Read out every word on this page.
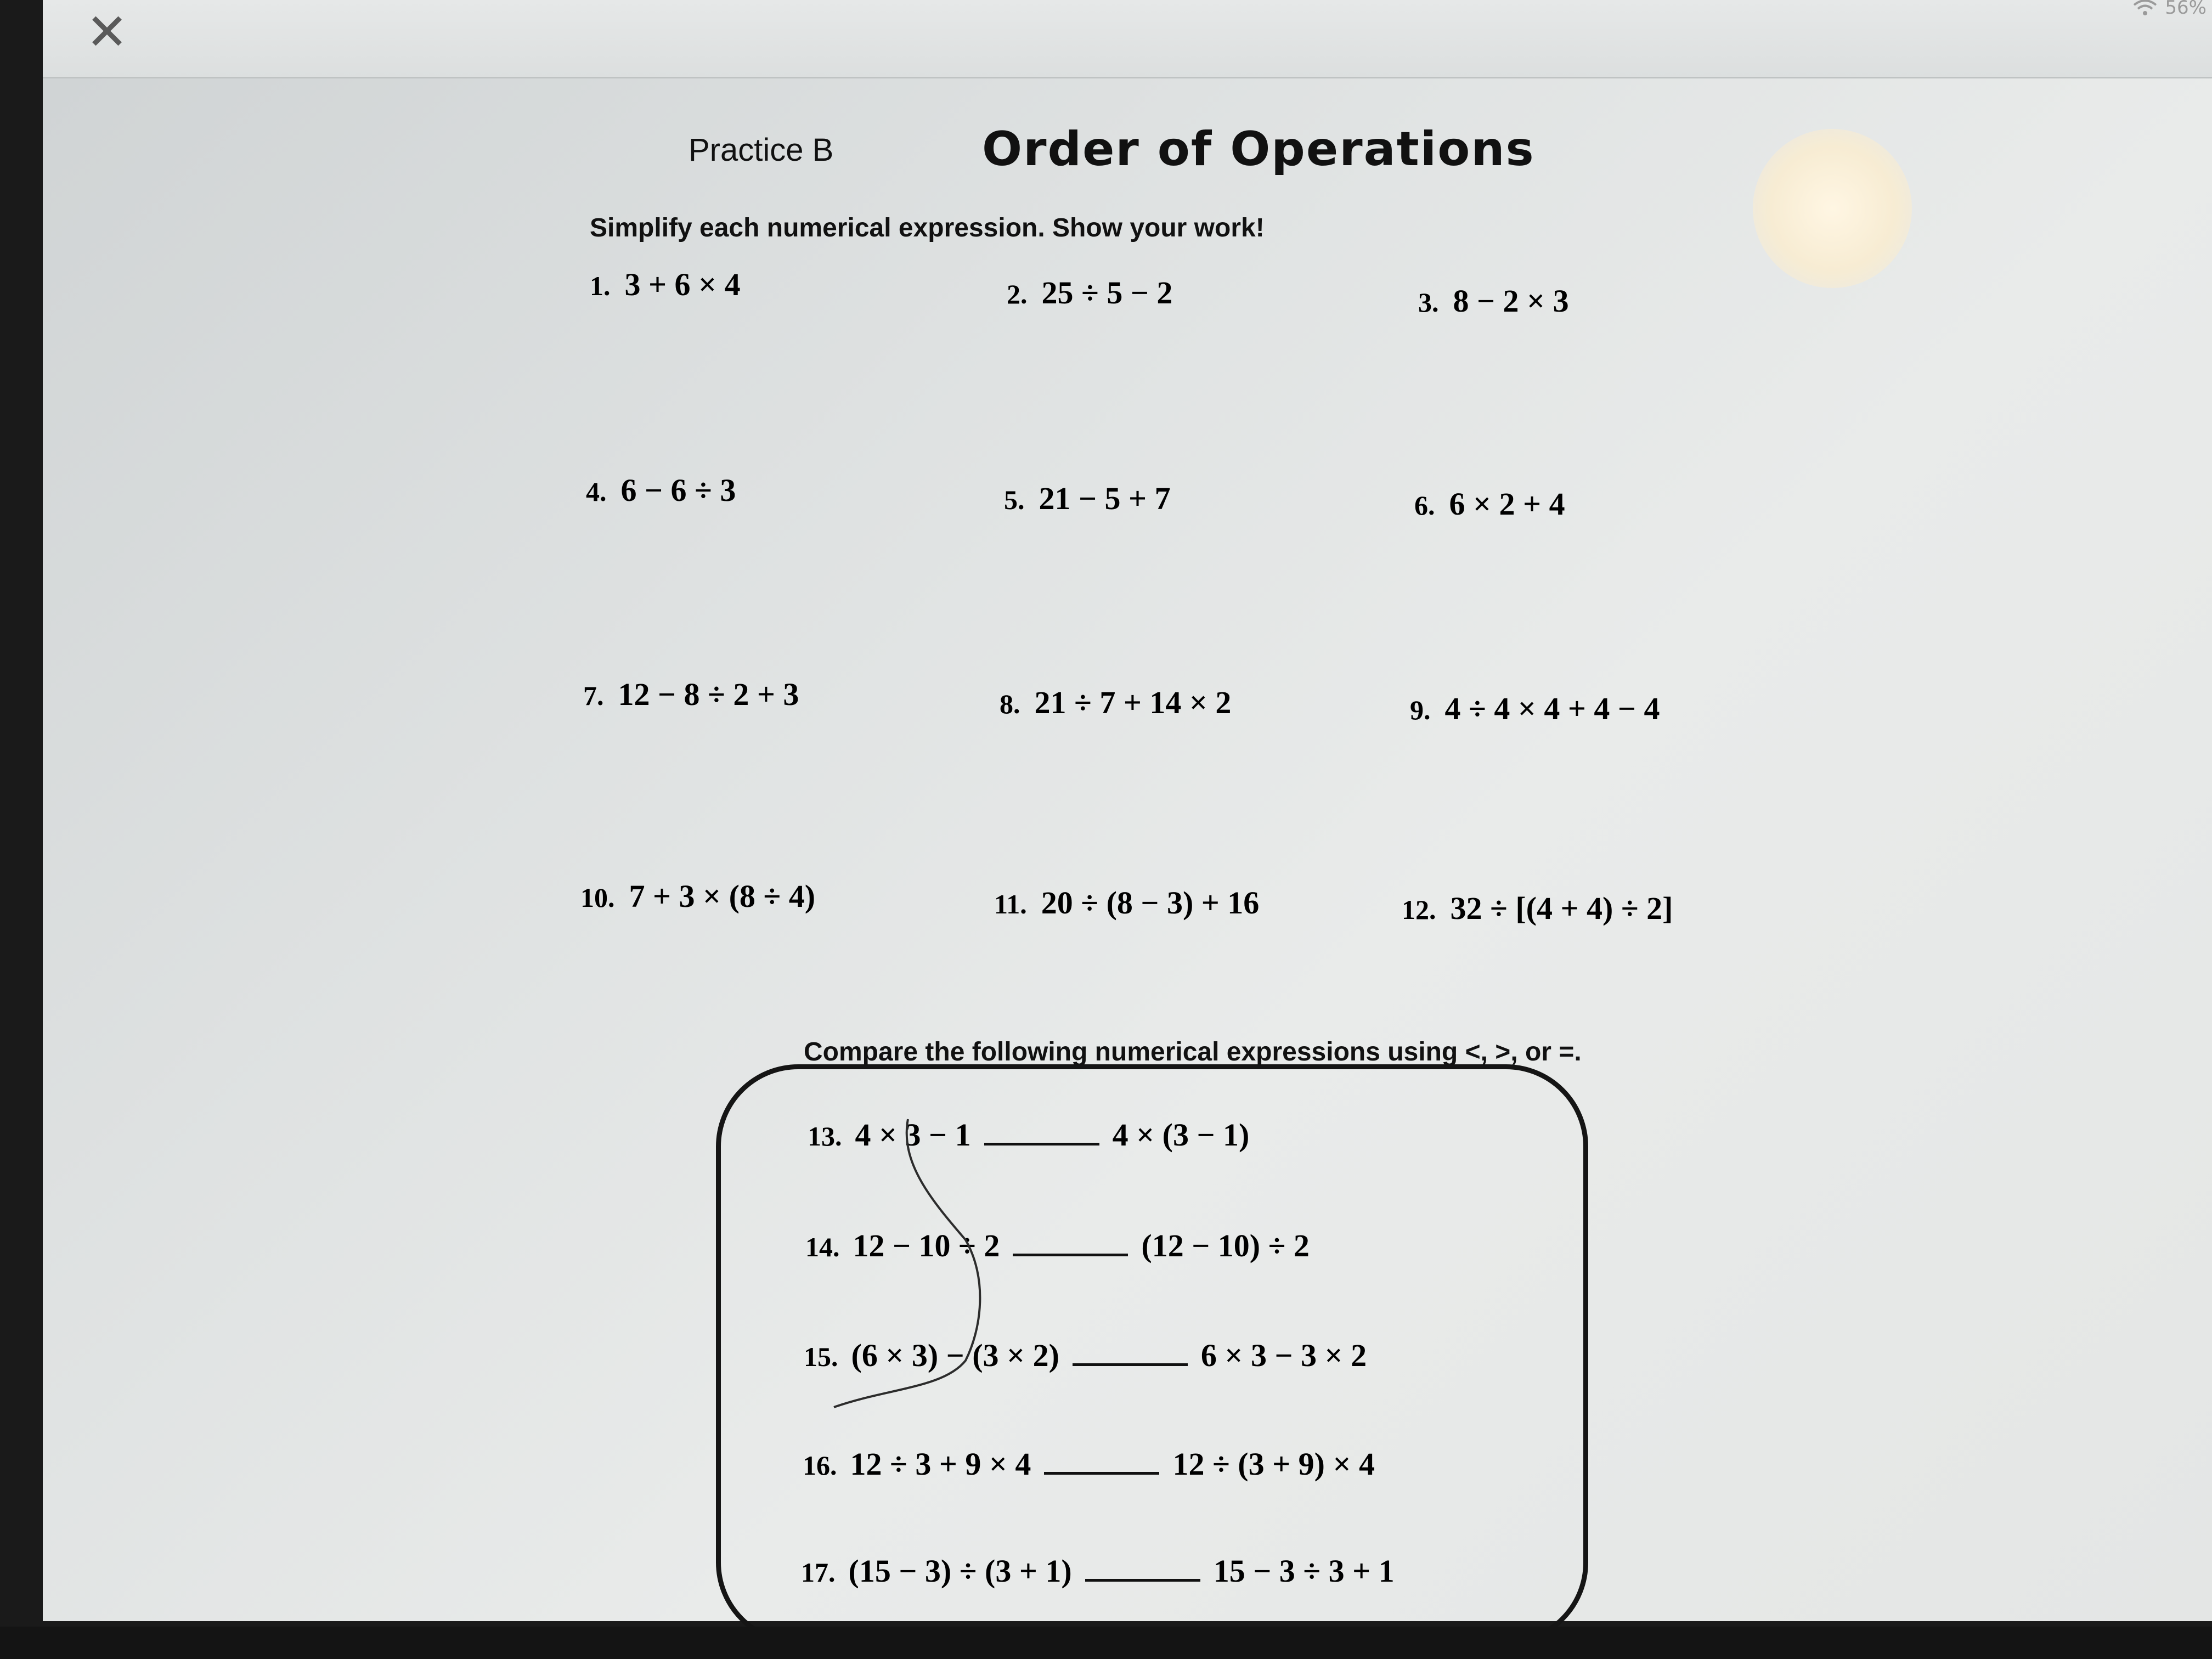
✕	56%
Practice B	Order of Operations
Simplify each numerical expression. Show your work!
1. 3 + 6 × 4	2. 25 ÷ 5 − 2	3. 8 − 2 × 3
4. 6 − 6 ÷ 3	5. 21 − 5 + 7	6. 6 × 2 + 4
7. 12 − 8 ÷ 2 + 3	8. 21 ÷ 7 + 14 × 2	9. 4 ÷ 4 × 4 + 4 − 4
10. 7 + 3 × (8 ÷ 4)	11. 20 ÷ (8 − 3) + 16	12. 32 ÷ [(4 + 4) ÷ 2]
Compare the following numerical expressions using <, >, or =.
13. 4 × 3 − 1	4 × (3 − 1)
14. 12 − 10 ÷ 2	(12 − 10) ÷ 2
15. (6 × 3) − (3 × 2)	6 × 3 − 3 × 2
16. 12 ÷ 3 + 9 × 4	12 ÷ (3 + 9) × 4
17. (15 − 3) ÷ (3 + 1)	15 − 3 ÷ 3 + 1
